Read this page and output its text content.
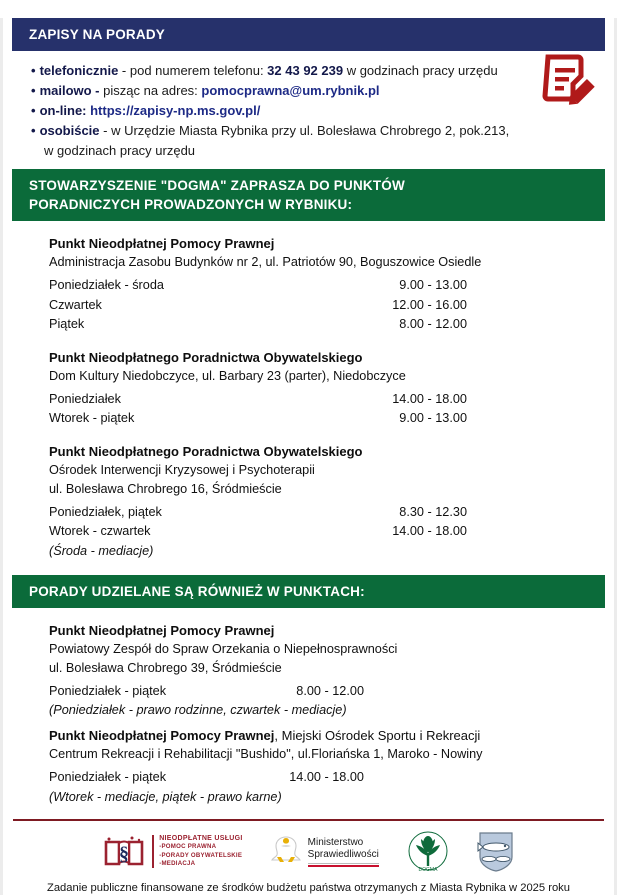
ZAPISY NA PORADY
• telefonicznie - pod numerem telefonu: 32 43 92 239 w godzinach pracy urzędu
• mailowo - pisząc na adres: pomocprawna@um.rybnik.pl
• on-line: https://zapisy-np.ms.gov.pl/
• osobiście - w Urzędzie Miasta Rybnika przy ul. Bolesława Chrobrego 2, pok.213,
w godzinach pracy urzędu
STOWARZYSZENIE "DOGMA" ZAPRASZA DO PUNKTÓW
PORADNICZYCH PROWADZONYCH W RYBNIKU:
Punkt Nieodpłatnej Pomocy Prawnej
Administracja Zasobu Budynków nr 2, ul. Patriotów 90, Boguszowice Osiedle
Poniedziałek - środa	9.00 - 13.00
Czwartek	12.00 - 16.00
Piątek	8.00 - 12.00
Punkt Nieodpłatnego Poradnictwa Obywatelskiego
Dom Kultury Niedobczyce, ul. Barbary 23 (parter), Niedobczyce
Poniedziałek	14.00 - 18.00
Wtorek - piątek	9.00 - 13.00
Punkt Nieodpłatnego Poradnictwa Obywatelskiego
Ośrodek Interwencji Kryzysowej i Psychoterapii
ul. Bolesława Chrobrego 16, Śródmieście
Poniedziałek, piątek	8.30 - 12.30
Wtorek - czwartek	14.00 - 18.00
(Środa - mediacje)
PORADY UDZIELANE SĄ RÓWNIEŻ W PUNKTACH:
Punkt Nieodpłatnej Pomocy Prawnej
Powiatowy Zespół do Spraw Orzekania o Niepełnosprawności
ul. Bolesława Chrobrego 39, Śródmieście
Poniedziałek - piątek	8.00 - 12.00
(Poniedziałek - prawo rodzinne, czwartek - mediacje)
Punkt Nieodpłatnej Pomocy Prawnej, Miejski Ośrodek Sportu i Rekreacji
Centrum Rekreacji i Rehabilitacji "Bushido", ul.Floriańska 1, Maroko - Nowiny
Poniedziałek - piątek	14.00 - 18.00
(Wtorek - mediacje, piątek - prawo karne)
§
NIEODPŁATNE USŁUGI
-POMOC PRAWNA
-PORADY OBYWATELSKIE
-MEDIACJA
Ministerstwo
Sprawiedliwości
DOGMA
Zadanie publiczne finansowane ze środków budżetu państwa otrzymanych z Miasta Rybnika w 2025 roku
